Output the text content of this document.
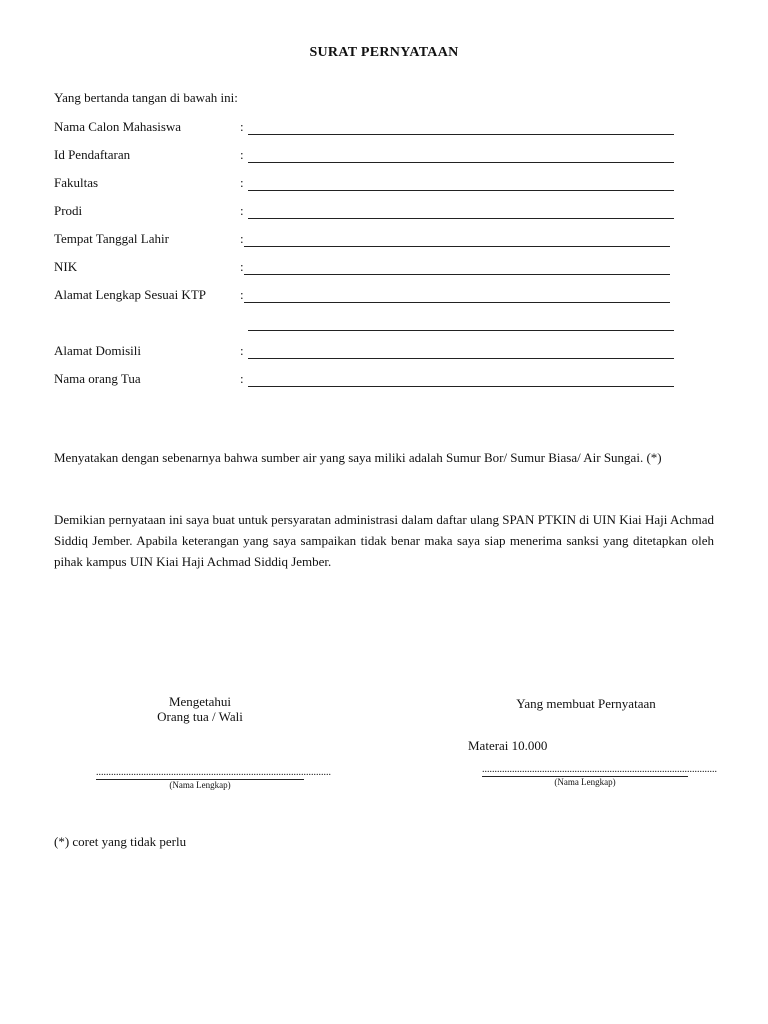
SURAT PERNYATAAN
Yang bertanda tangan di bawah ini:
Nama Calon Mahasiswa	:
Id Pendaftaran	:
Fakultas	:
Prodi	:
Tempat Tanggal Lahir	:
NIK	:
Alamat Lengkap Sesuai KTP	:
Alamat Domisili	:
Nama orang Tua	:
Menyatakan dengan sebenarnya bahwa sumber air yang saya miliki adalah Sumur Bor/ Sumur Biasa/ Air Sungai. (*)
Demikian pernyataan ini saya buat untuk persyaratan administrasi dalam daftar ulang SPAN PTKIN di UIN Kiai Haji Achmad Siddiq Jember. Apabila keterangan yang saya sampaikan tidak benar maka saya siap menerima sanksi yang ditetapkan oleh pihak kampus UIN Kiai Haji Achmad Siddiq Jember.
Mengetahui
Orang tua / Wali
..............................................................................................
(Nama Lengkap)
Yang membuat Pernyataan
Materai 10.000
..............................................................................................
(Nama Lengkap)
(*) coret yang tidak perlu
